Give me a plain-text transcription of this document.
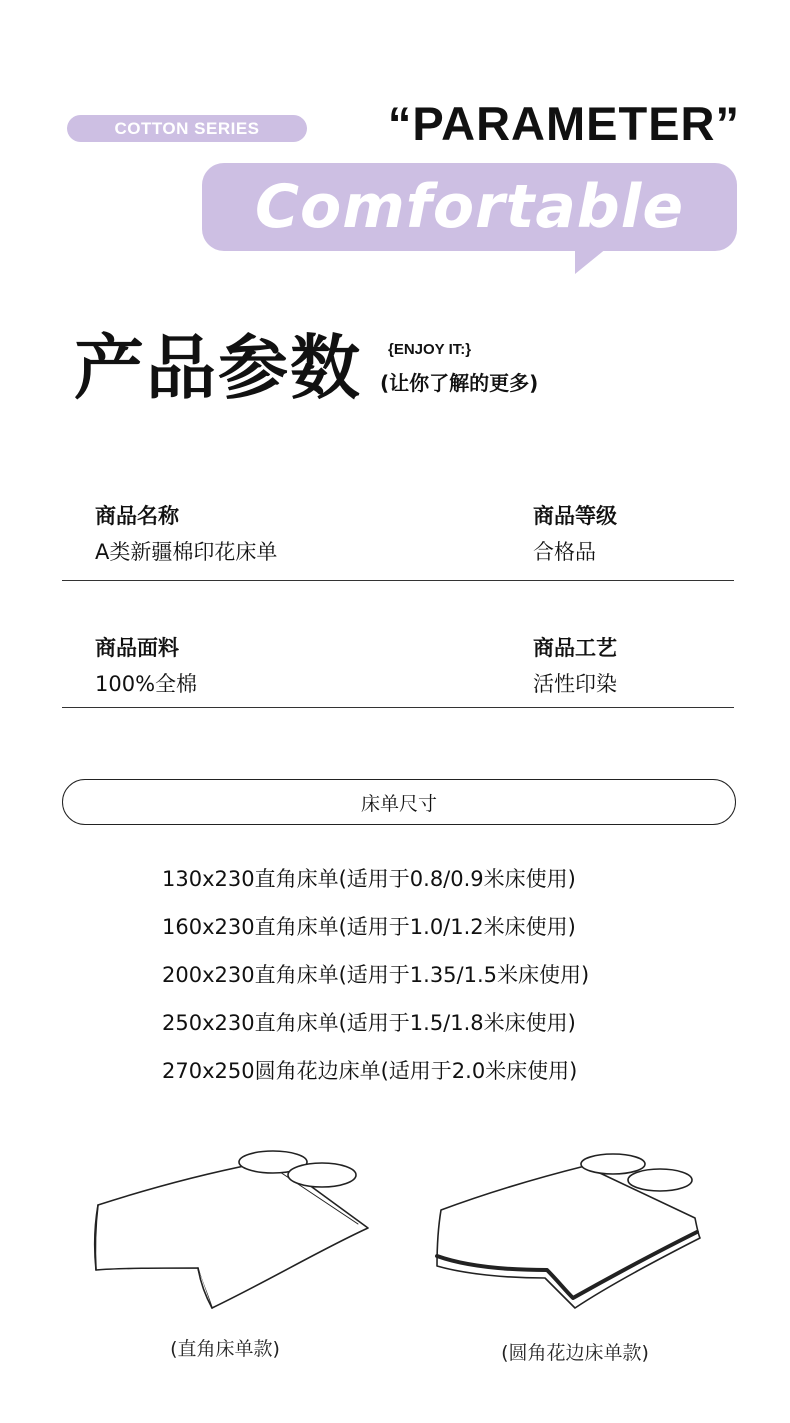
COTTON SERIES	“PARAMETER”
Comfortable
产品参数 {ENJOY IT:}
(让你了解的更多)
商品名称
A类新疆棉印花床单
商品等级
合格品
商品面料
100%全棉
商品工艺
活性印染
床单尺寸
130x230直角床单(适用于0.8/0.9米床使用)
160x230直角床单(适用于1.0/1.2米床使用)
200x230直角床单(适用于1.35/1.5米床使用)
250x230直角床单(适用于1.5/1.8米床使用)
270x250圆角花边床单(适用于2.0米床使用)
(直角床单款)	(圆角花边床单款)
